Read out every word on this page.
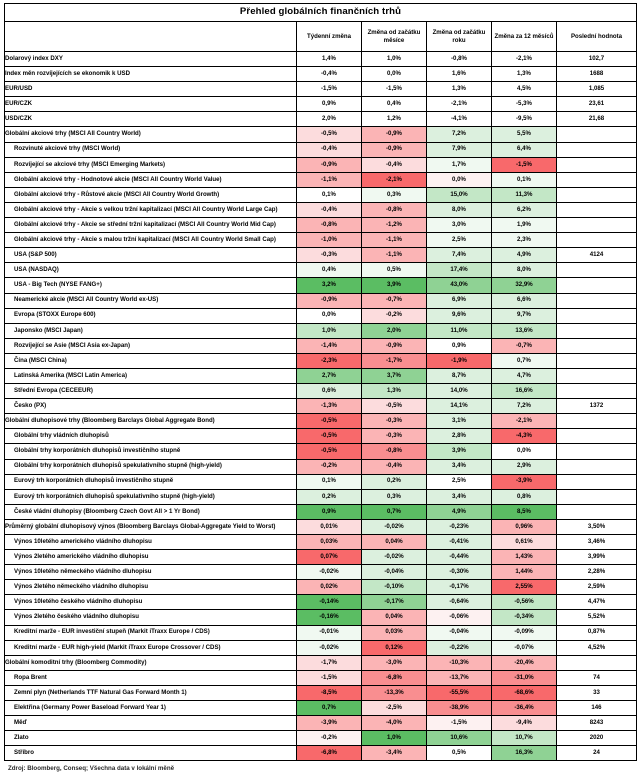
Přehled globálních finančních trhů					
	Týdenní změna	Změna od začátku měsíce	Změna od začátku roku	Změna za 12 měsíců	Poslední hodnota
Dolarový index DXY	1,4%	1,0%	-0,8%	-2,1%	102,7
Index měn rozvíjejících se ekonomik k USD	-0,4%	0,0%	1,6%	1,3%	1688
EUR/USD	-1,5%	-1,5%	1,3%	4,5%	1,085
EUR/CZK	0,9%	0,4%	-2,1%	-5,3%	23,61
USD/CZK	2,0%	1,2%	-4,1%	-9,5%	21,68
Globální akciové trhy (MSCI All Country World)	-0,5%	-0,9%	7,2%	5,5%	
Rozvinuté akciové trhy (MSCI World)	-0,4%	-0,9%	7,9%	6,4%	
Rozvíjející se akciové trhy (MSCI Emerging Markets)	-0,9%	-0,4%	1,7%	-1,5%	
Globální akciové trhy - Hodnotové akcie (MSCI All Country World Value)	-1,1%	-2,1%	0,0%	0,1%	
Globální akciové trhy - Růstové akcie (MSCI All Country World Growth)	0,1%	0,3%	15,0%	11,3%	
Globální akciové trhy - Akcie s velkou tržní kapitalizací (MSCI All Country World Large Cap)	-0,4%	-0,8%	8,0%	6,2%	
Globální akciové trhy - Akcie se střední tržní kapitalizací (MSCI All Country World Mid Cap)	-0,8%	-1,2%	3,0%	1,9%	
Globální akciové trhy - Akcie s malou tržní kapitalizací (MSCI All Country World Small Cap)	-1,0%	-1,1%	2,5%	2,3%	
USA (S&P 500)	-0,3%	-1,1%	7,4%	4,9%	4124
USA (NASDAQ)	0,4%	0,5%	17,4%	8,0%	
USA - Big Tech (NYSE FANG+)	3,2%	3,9%	43,0%	32,9%	
Neamerické akcie (MSCI All Country World ex-US)	-0,9%	-0,7%	6,9%	6,6%	
Evropa (STOXX Europe 600)	0,0%	-0,2%	9,6%	9,7%	
Japonsko (MSCI Japan)	1,0%	2,0%	11,0%	13,6%	
Rozvíjející se Asie (MSCI Asia ex-Japan)	-1,4%	-0,9%	0,9%	-0,7%	
Čína (MSCI China)	-2,3%	-1,7%	-1,9%	0,7%	
Latinská Amerika (MSCI Latin America)	2,7%	3,7%	8,7%	4,7%	
Střední Evropa (CECEEUR)	0,6%	1,3%	14,0%	16,6%	
Česko (PX)	-1,3%	-0,5%	14,1%	7,2%	1372
Globální dluhopisové trhy (Bloomberg Barclays Global Aggregate Bond)	-0,5%	-0,3%	3,1%	-2,1%	
Globální trhy vládních dluhopisů	-0,5%	-0,3%	2,8%	-4,3%	
Globální trhy korporátních dluhopisů investičního stupně	-0,5%	-0,8%	3,9%	0,0%	
Globální trhy korporátních dluhopisů spekulativního stupně (high-yield)	-0,2%	-0,4%	3,4%	2,9%	
Eurový trh korporátních dluhopisů investičního stupně	0,1%	0,2%	2,5%	-3,9%	
Eurový trh korporátních dluhopisů spekulativního stupně (high-yield)	0,2%	0,3%	3,4%	0,8%	
České vládní dluhopisy (Bloomberg Czech Govt All > 1 Yr Bond)	0,9%	0,7%	4,9%	8,5%	
Průměrný globální dluhopisový výnos (Bloomberg Barclays Global-Aggregate Yield to Worst)	0,01%	-0,02%	-0,23%	0,96%	3,50%
Výnos 10letého amerického vládního dluhopisu	0,03%	0,04%	-0,41%	0,61%	3,46%
Výnos 2letého amerického vládního dluhopisu	0,07%	-0,02%	-0,44%	1,43%	3,99%
Výnos 10letého německého vládního dluhopisu	-0,02%	-0,04%	-0,30%	1,44%	2,28%
Výnos 2letého německého vládního dluhopisu	0,02%	-0,10%	-0,17%	2,55%	2,59%
Výnos 10letého českého vládního dluhopisu	-0,14%	-0,17%	-0,64%	-0,56%	4,47%
Výnos 2letého českého vládního dluhopisu	-0,16%	0,04%	-0,06%	-0,34%	5,52%
Kreditní marže - EUR investiční stupeň (Markit iTraxx Europe / CDS)	-0,01%	0,03%	-0,04%	-0,09%	0,87%
Kreditní marže - EUR high-yield (Markit iTraxx Europe Crossover / CDS)	-0,02%	0,12%	-0,22%	-0,07%	4,52%
Globální komoditní trhy (Bloomberg Commodity)	-1,7%	-3,0%	-10,3%	-20,4%	
Ropa Brent	-1,5%	-6,8%	-13,7%	-31,0%	74
Zemní plyn (Netherlands TTF Natural Gas Forward Month 1)	-8,5%	-13,3%	-55,5%	-68,6%	33
Elektřina (Germany Power Baseload Forward Year 1)	0,7%	-2,5%	-38,9%	-36,4%	146
Měď	-3,9%	-4,0%	-1,5%	-9,4%	8243
Zlato	-0,2%	1,0%	10,6%	10,7%	2020
Stříbro	-6,8%	-3,4%	0,5%	16,3%	24
Zdroj: Bloomberg, Conseq; Všechna data v lokální měně
